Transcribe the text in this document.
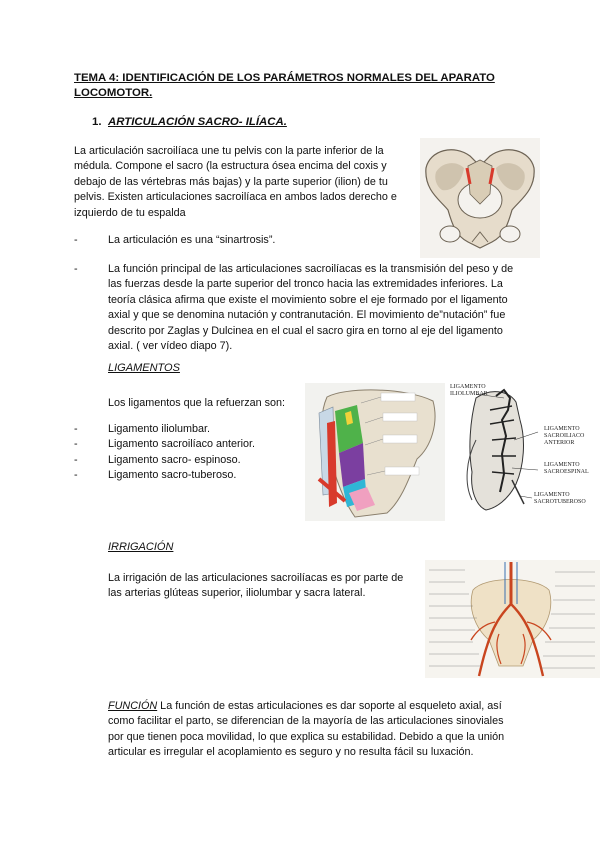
TEMA 4: IDENTIFICACIÓN DE LOS PARÁMETROS NORMALES DEL APARATO LOCOMOTOR.
1. ARTICULACIÓN SACRO- ILÍACA.
La articulación sacroilíaca une tu pelvis con la parte inferior de la
médula. Compone el sacro (la estructura ósea encima del coxis y
debajo de las vértebras más bajas) y la parte superior (ilion) de tu
pelvis. Existen articulaciones sacroilíaca en ambos lados derecho e
izquierdo de tu espalda
-	La articulación es una “sinartrosis”.
-	La función principal de las articulaciones sacroilíacas es la transmisión del peso y de
las fuerzas desde la parte superior del tronco hacia las extremidades inferiores. La
teoría clásica afirma que existe el movimiento sobre el eje formado por el ligamento
axial y que se denomina nutación y contranutación. El movimiento de”nutación” fue
descrito por Zaglas y Dulcinea en el cual el sacro gira en torno al eje del ligamento
axial. ( ver vídeo diapo 7).
LIGAMENTOS
Los ligamentos que la refuerzan son:
-	Ligamento iliolumbar.
-	Ligamento sacroilíaco anterior.
-	Ligamento sacro- espinoso.
-	Ligamento sacro-tuberoso.
LIGAMENTO
ILIOLUMBAR
LIGAMENTO
SACROILIACO
ANTERIOR
LIGAMENTO
SACROESPINAL
LIGAMENTO
SACROTUBEROSO
IRRIGACIÓN
La irrigación de las articulaciones sacroilíacas es por parte de
las arterias glúteas superior, iliolumbar y sacra lateral.
FUNCIÓN La función de estas articulaciones es dar soporte al esqueleto axial, así
como facilitar el parto, se diferencian de la mayoría de las articulaciones sinoviales
por que tienen poca movilidad, lo que explica su estabilidad. Debido a que la unión
articular es irregular el acoplamiento es seguro y no resulta fácil su luxación.
